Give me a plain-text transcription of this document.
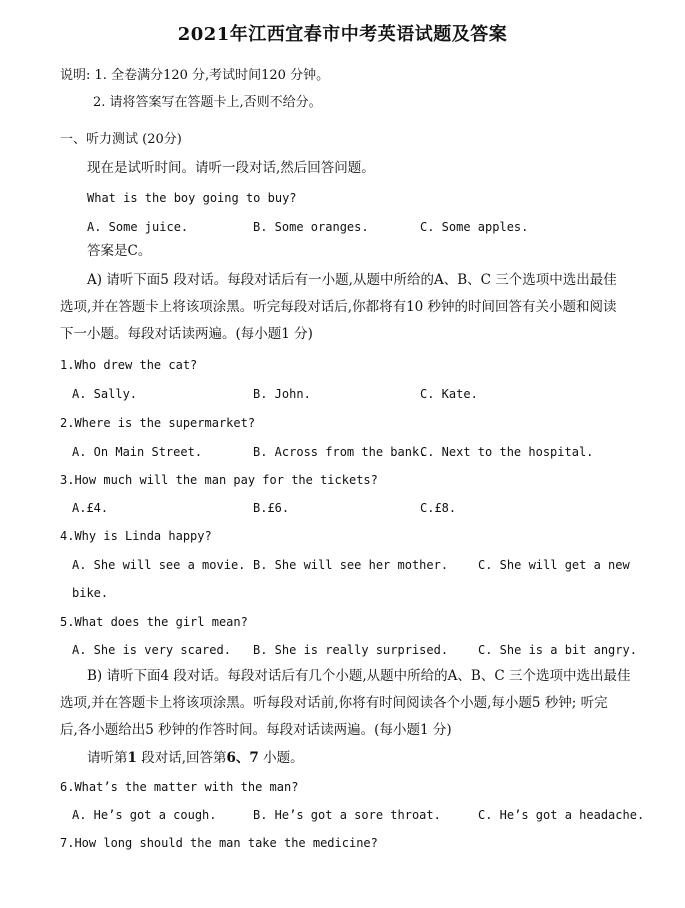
2021年江西宜春市中考英语试题及答案
说明: 1. 全卷满分120 分,考试时间120 分钟。
2. 请将答案写在答题卡上,否则不给分。
一、听力测试 (20分)
现在是试听时间。请听一段对话,然后回答问题。
What is the boy going to buy?
A. Some juice.	B. Some oranges.	C. Some apples.
答案是C。
A) 请听下面5 段对话。每段对话后有一小题,从题中所给的A、B、C 三个选项中选出最佳
选项,并在答题卡上将该项涂黑。听完每段对话后,你都将有10 秒钟的时间回答有关小题和阅读
下一小题。每段对话读两遍。(每小题1 分)
1.Who drew the cat?
A. Sally.	B. John.	C. Kate.
2.Where is the supermarket?
A. On Main Street.	B. Across from the bank.
C. Next to the hospital.
3.How much will the man pay for the tickets?
A.£4.	B.£6.	C.£8.
4.Why is Linda happy?
A. She will see a movie. B. She will see her mother. C. She will get a new
bike.
5.What does the girl mean?
A. She is very scared. B. She is really surprised. C. She is a bit angry.
B) 请听下面4 段对话。每段对话后有几个小题,从题中所给的A、B、C 三个选项中选出最佳
选项,并在答题卡上将该项涂黑。听每段对话前,你将有时间阅读各个小题,每小题5 秒钟; 听完
后,各小题给出5 秒钟的作答时间。每段对话读两遍。(每小题1 分)
请听第1 段对话,回答第6、7 小题。
6.What’s the matter with the man?
A. He’s got a cough.	B. He’s got a sore throat.	C. He’s got a headache.
7.How long should the man take the medicine?
